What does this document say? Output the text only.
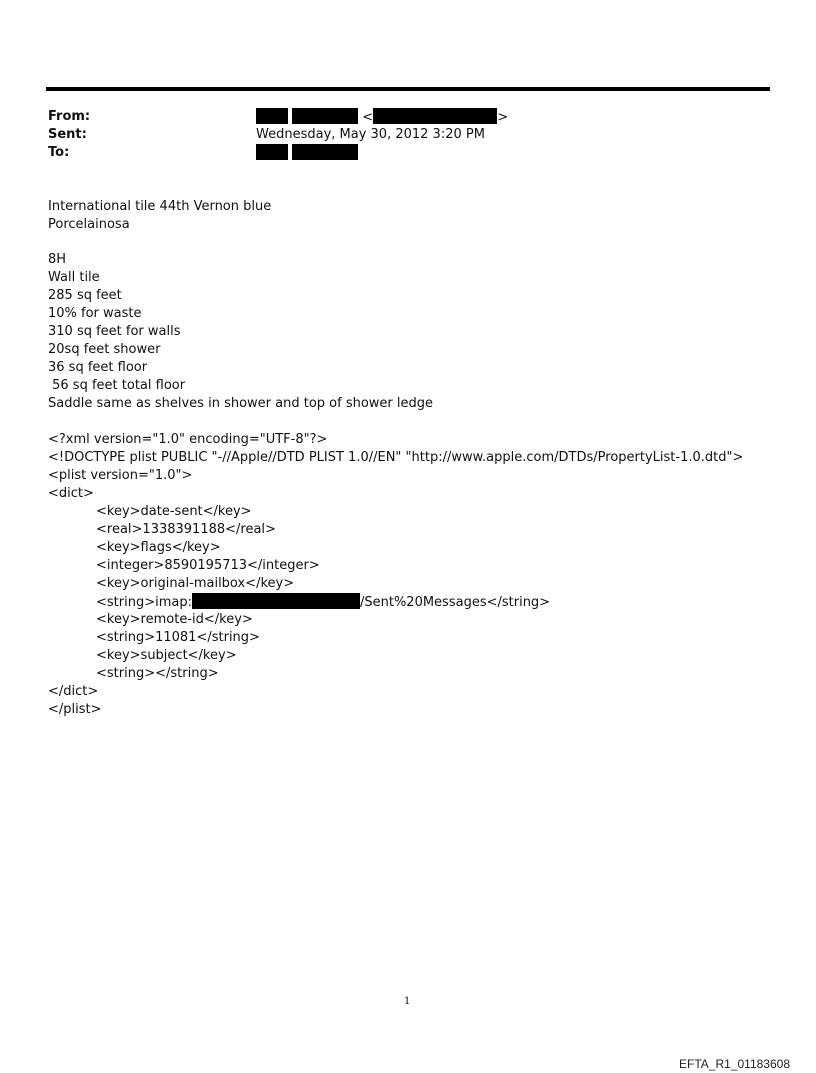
From:	<	>
Sent:	Wednesday, May 30, 2012 3:20 PM
To:

International tile 44th Vernon blue
Porcelainosa
8H
Wall tile
285 sq feet
10% for waste
310 sq feet for walls
20sq feet shower
36 sq feet floor
56 sq feet total floor
Saddle same as shelves in shower and top of shower ledge
<?xml version="1.0" encoding="UTF-8"?>
<!DOCTYPE plist PUBLIC "-//Apple//DTD PLIST 1.0//EN" "http://www.apple.com/DTDs/PropertyList-1.0.dtd">
<plist version="1.0">
<dict>
<key>date-sent</key>
<real>1338391188</real>
<key>flags</key>
<integer>8590195713</integer>
<key>original-mailbox</key>
<string>imap:	/Sent%20Messages</string>
<key>remote-id</key>
<string>11081</string>
<key>subject</key>
<string></string>
</dict>
</plist>
1
EFTA_R1_01183608
